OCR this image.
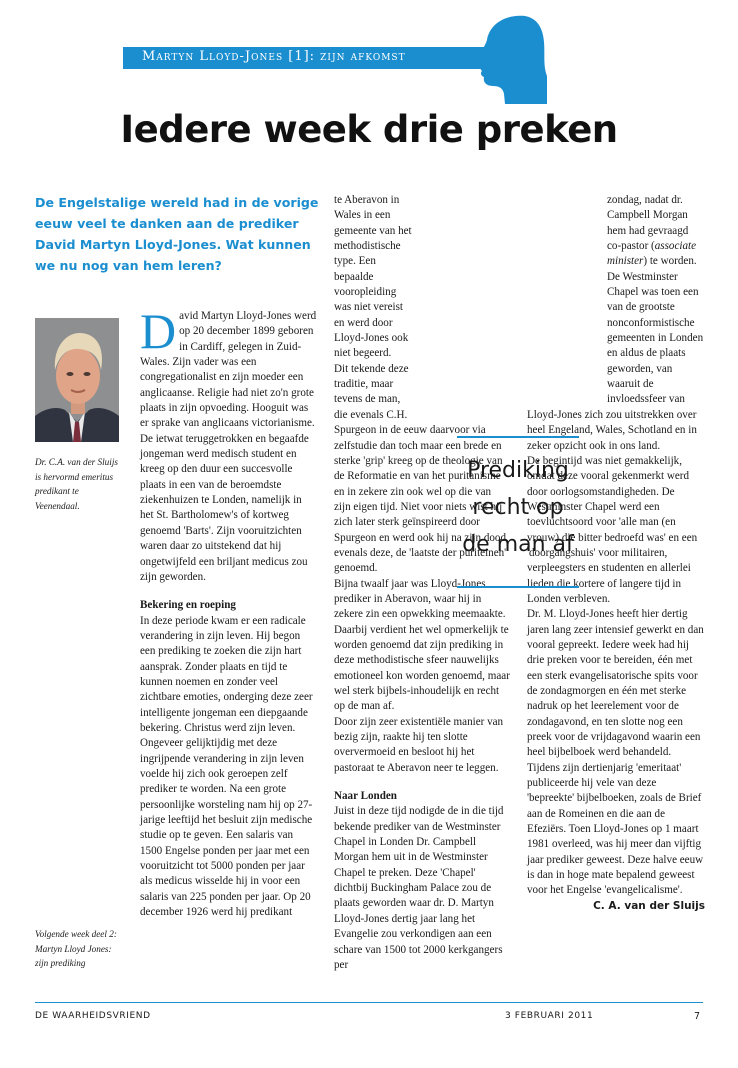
Martyn Lloyd-Jones [1]: zijn afkomst
Iedere week drie preken
De Engelstalige wereld had in de vorige eeuw veel te danken aan de prediker David Martyn Lloyd-Jones. Wat kunnen we nu nog van hem leren?
Dr. C.A. van der Sluijs is hervormd emeritus predikant te Veenendaal.
Volgende week deel 2: Martyn Lloyd Jones: zijn prediking
D avid Martyn Lloyd-Jones werd op 20 december 1899 geboren in Cardiff, gelegen in Zuid-Wales. Zijn vader was een congregationalist en zijn moeder een anglicaanse. Religie had niet zo'n grote plaats in zijn opvoeding. Hooguit was er sprake van anglicaans victorianisme.

De ietwat teruggetrokken en begaafde jongeman werd medisch student en kreeg op den duur een succesvolle plaats in een van de beroemdste ziekenhuizen te Londen, namelijk in het St. Bartholomew's of kortweg genoemd 'Barts'. Zijn vooruitzichten waren daar zo uitstekend dat hij ongetwijfeld een briljant medicus zou zijn geworden.

Bekering en roeping

In deze periode kwam er een radicale verandering in zijn leven. Hij begon een prediking te zoeken die zijn hart aansprak. Zonder plaats en tijd te kunnen noemen en zonder veel zichtbare emoties, onderging deze zeer intelligente jongeman een diepgaande bekering. Christus werd zijn leven.

Ongeveer gelijktijdig met deze ingrijpende verandering in zijn leven voelde hij zich ook geroepen zelf prediker te worden. Na een grote persoonlijke worsteling nam hij op 27-jarige leeftijd het besluit zijn medische studie op te geven. Een salaris van 1500 Engelse ponden per jaar met een vooruitzicht tot 5000 ponden per jaar als medicus wisselde hij in voor een salaris van 225 ponden per jaar. Op 20 december 1926 werd hij predikant

te Aberavon in Wales in een gemeente van het methodistische type. Een bepaalde vooropleiding was niet vereist en werd door Lloyd-Jones ook niet begeerd.

Dit tekende deze traditie, maar tevens de man, die evenals C.H. Spurgeon in de eeuw daarvoor via zelfstudie dan toch maar een brede en sterke 'grip' kreeg op de theologie van de Reformatie en van het puritanisme en in zekere zin ook wel op die van zijn eigen tijd. Niet voor niets wist hij zich later sterk geïnspireerd door Spurgeon en werd ook hij na zijn dood, evenals deze, de 'laatste der puriteinen' genoemd.

Bijna twaalf jaar was Lloyd-Jones prediker in Aberavon, waar hij in zekere zin een opwekking meemaakte.

Daarbij verdient het wel opmerkelijk te worden genoemd dat zijn prediking in deze methodistische sfeer nauwelijks emotioneel kon worden genoemd, maar wel sterk bijbels-inhoudelijk en recht op de man af.

Door zijn zeer existentiële manier van bezig zijn, raakte hij ten slotte oververmoeid en besloot hij het pastoraat te Aberavon neer te leggen.

Naar Londen

Juist in deze tijd nodigde de in die tijd bekende prediker van de Westminster Chapel in Londen Dr. Campbell Morgan hem uit in de Westminster Chapel te preken. Deze 'Chapel' dichtbij Buckingham Palace zou de plaats geworden waar dr. D. Martyn Lloyd-Jones dertig jaar lang het Evangelie zou verkondigen aan een schare van 1500 tot 2000 kerkgangers per

zondag, nadat dr. Campbell Morgan hem had gevraagd co-pastor (associate minister) te worden.

De Westminster Chapel was toen een van de grootste nonconformistische gemeenten in Londen en aldus de plaats geworden, van waaruit de invloedssfeer van Lloyd-Jones zich zou uitstrekken over heel Engeland, Wales, Schotland en in zeker opzicht ook in ons land.

De begintijd was niet gemakkelijk, omdat deze vooral gekenmerkt werd door oorlogsomstandigheden. De Westminster Chapel werd een toevluchtsoord voor 'alle man (en vrouw) die bitter bedroefd was' en een 'doorgangshuis' voor militairen, verpleegsters en studenten en allerlei lieden die kortere of langere tijd in Londen verbleven.

Dr. M. Lloyd-Jones heeft hier dertig jaren lang zeer intensief gewerkt en dan vooral gepreekt. Iedere week had hij drie preken voor te bereiden, één met een sterk evangelisatorische spits voor de zondagmorgen en één met sterke nadruk op het leerelement voor de zondagavond, en ten slotte nog een preek voor de vrijdagavond waarin een heel bijbelboek werd behandeld.

Tijdens zijn dertienjarig 'emeritaat' publiceerde hij vele van deze 'bepreekte' bijbelboeken, zoals de Brief aan de Romeinen en die aan de Efeziërs. Toen Lloyd-Jones op 1 maart 1981 overleed, was hij meer dan vijftig jaar prediker geweest. Deze halve eeuw is dan in hoge mate bepalend geweest voor het Engelse 'evangelicalisme'.

C. A. van der Sluijs
Prediking
recht op
de man af
DE WAARHEIDSVRIEND	3 FEBRUARI 2011	7
